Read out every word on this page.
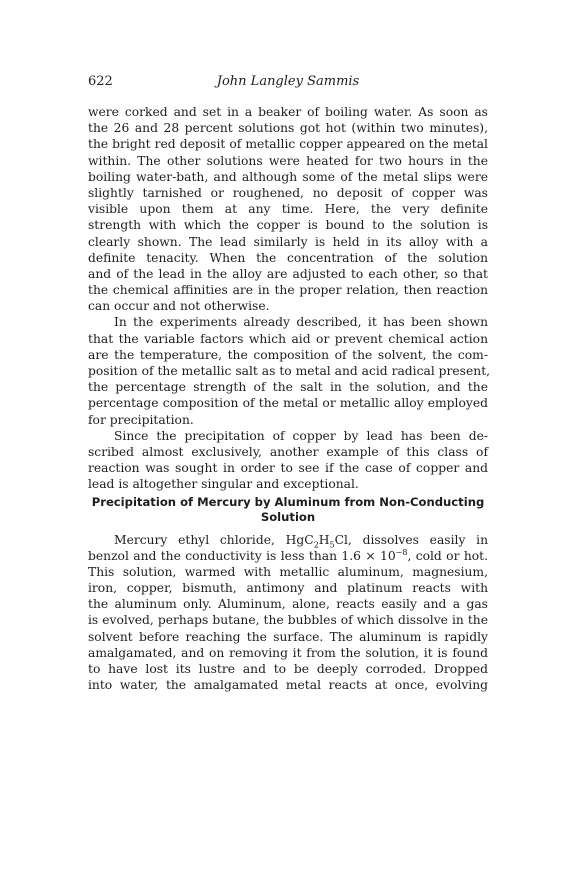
622	John Langley Sammis
were corked and set in a beaker of boiling water. As soon as
the 26 and 28 percent solutions got hot (within two minutes),
the bright red deposit of metallic copper appeared on the metal
within. The other solutions were heated for two hours in the
boiling water-bath, and although some of the metal slips were
slightly tarnished or roughened, no deposit of copper was
visible upon them at any time. Here, the very definite
strength with which the copper is bound to the solution is
clearly shown. The lead similarly is held in its alloy with a
definite tenacity. When the concentration of the solution
and of the lead in the alloy are adjusted to each other, so that
the chemical affinities are in the proper relation, then reaction
can occur and not otherwise.
In the experiments already described, it has been shown
that the variable factors which aid or prevent chemical action
are the temperature, the composition of the solvent, the com-
position of the metallic salt as to metal and acid radical present,
the percentage strength of the salt in the solution, and the
percentage composition of the metal or metallic alloy employed
for precipitation.
Since the precipitation of copper by lead has been de-
scribed almost exclusively, another example of this class of
reaction was sought in order to see if the case of copper and
lead is altogether singular and exceptional.
Precipitation of Mercury by Aluminum from Non-Conducting
Solution
Mercury ethyl chloride, $HgC_2H_5Cl$, dissolves easily in
benzol and the conductivity is less than $1.6 \times 10^{-8}$, cold or hot.
This solution, warmed with metallic aluminum, magnesium,
iron, copper, bismuth, antimony and platinum reacts with
the aluminum only. Aluminum, alone, reacts easily and a gas
is evolved, perhaps butane, the bubbles of which dissolve in the
solvent before reaching the surface. The aluminum is rapidly
amalgamated, and on removing it from the solution, it is found
to have lost its lustre and to be deeply corroded. Dropped
into water, the amalgamated metal reacts at once, evolving
